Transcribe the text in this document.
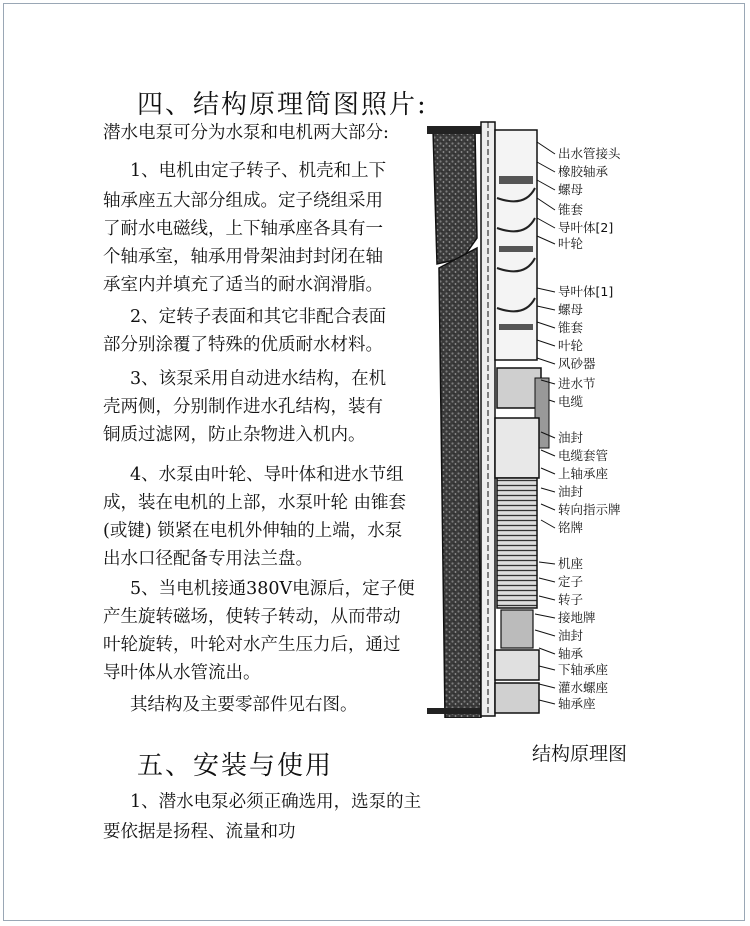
四、结构原理简图照片:
潜水电泵可分为水泵和电机两大部分:
1、电机由定子转子、机壳和上下
轴承座五大部分组成。定子绕组采用
了耐水电磁线，上下轴承座各具有一
个轴承室，轴承用骨架油封封闭在轴
承室内并填充了适当的耐水润滑脂。
2、定转子表面和其它非配合表面
部分别涂覆了特殊的优质耐水材料。
3、该泵采用自动进水结构，在机
壳两侧，分别制作进水孔结构，装有
铜质过滤网，防止杂物进入机内。
4、水泵由叶轮、导叶体和进水节组
成，装在电机的上部，水泵叶轮 由锥套
(或键) 锁紧在电机外伸轴的上端，水泵
出水口径配备专用法兰盘。
5、当电机接通380V电源后，定子便
产生旋转磁场，使转子转动，从而带动
叶轮旋转，叶轮对水产生压力后，通过
导叶体从水管流出。
其结构及主要零部件见右图。
五、安装与使用
1、潜水电泵必须正确选用，选泵的主
要依据是扬程、流量和功
结构原理图
出水管接头
橡胶轴承
螺母
锥套
导叶体[2]
叶轮
导叶体[1]
螺母
锥套
叶轮
风砂器
进水节
电缆
油封
电缆套管
上轴承座
油封
转向指示牌
铭牌
机座
定子
转子
接地牌
油封
轴承
下轴承座
灌水螺座
轴承座
